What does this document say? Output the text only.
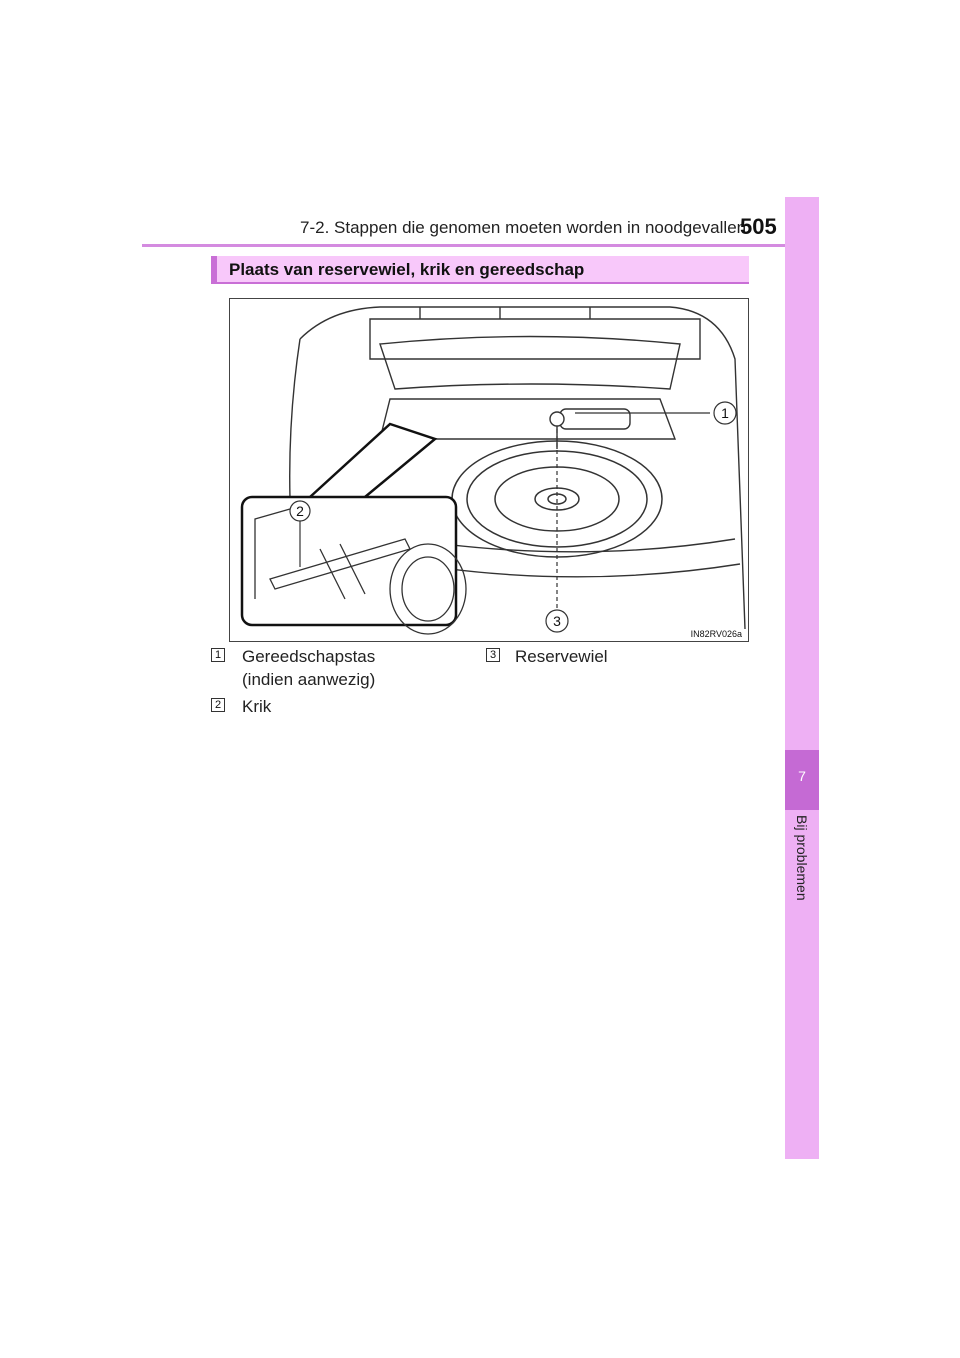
7-2. Stappen die genomen moeten worden in noodgevallen
505
7
Bij problemen
Plaats van reservewiel, krik en gereedschap
1
3
2
IN82RV026a
1 Gereedschapstas
(indien aanwezig)
2 Krik
3 Reservewiel
